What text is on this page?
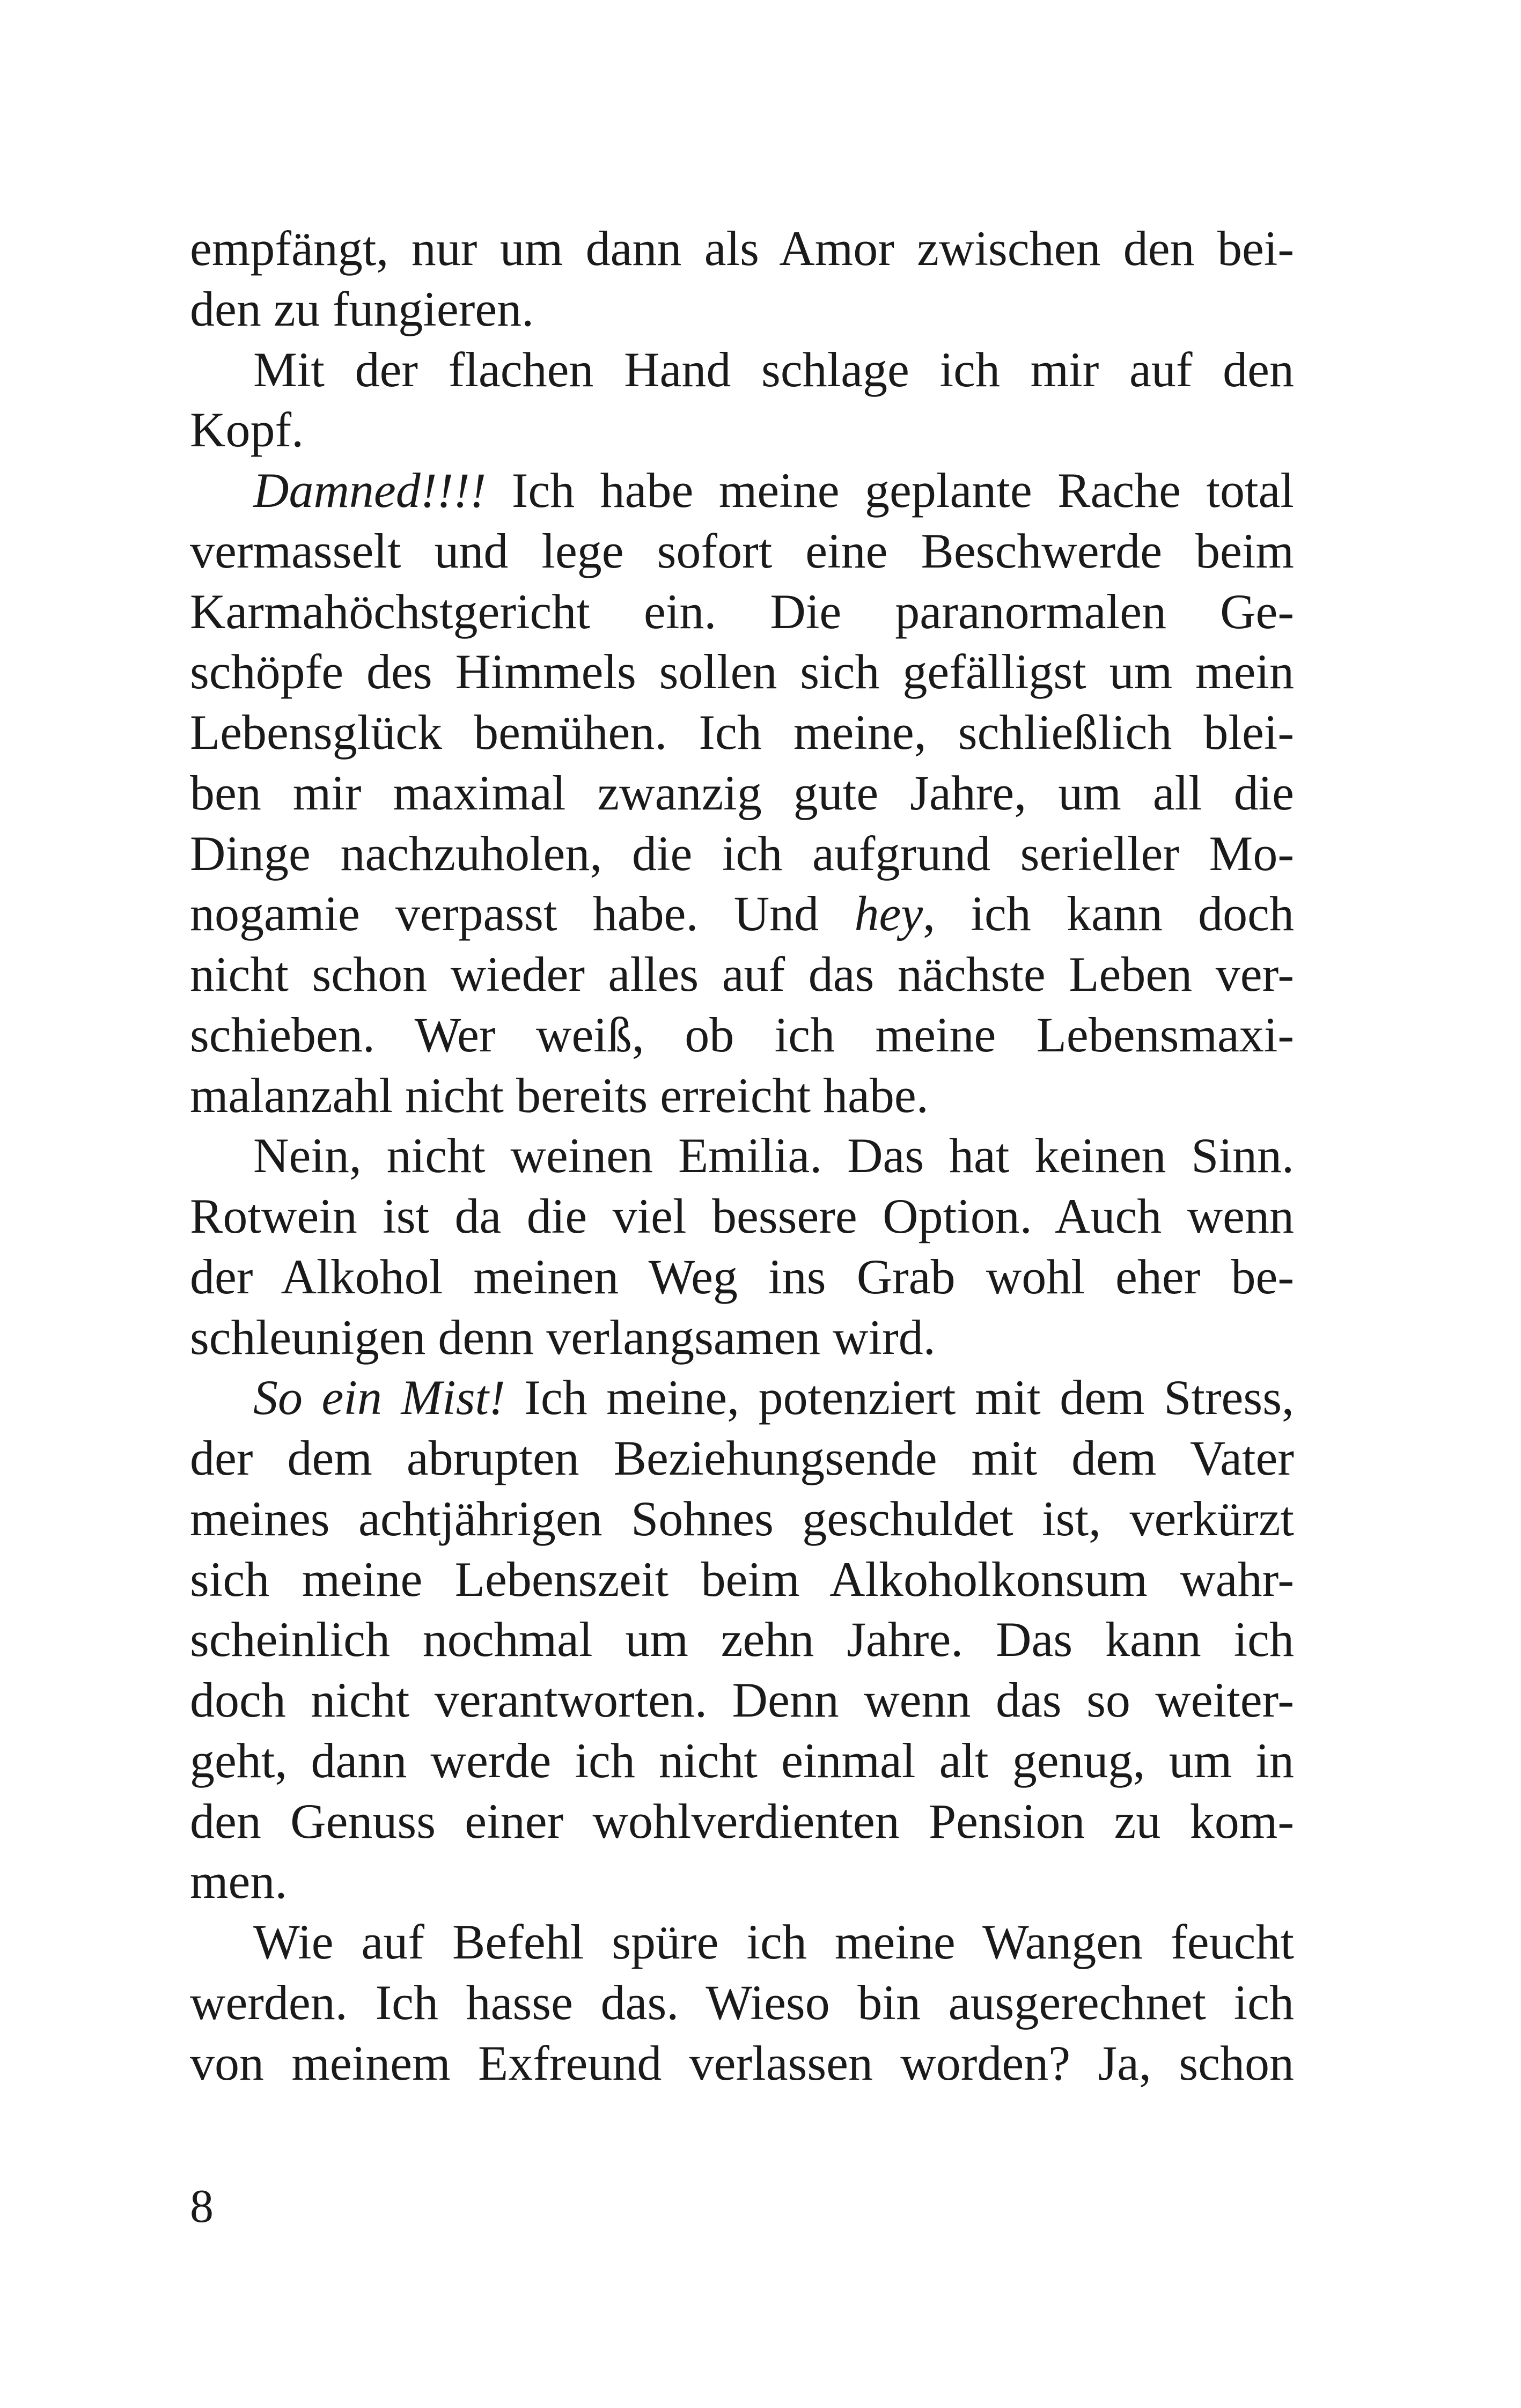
empfängt, nur um dann als Amor zwischen den bei-
den zu fungieren.
Mit der flachen Hand schlage ich mir auf den
Kopf.
Damned!!!! Ich habe meine geplante Rache total
vermasselt und lege sofort eine Beschwerde beim
Karmahöchstgericht ein. Die paranormalen Ge-
schöpfe des Himmels sollen sich gefälligst um mein
Lebensglück bemühen. Ich meine, schließlich blei-
ben mir maximal zwanzig gute Jahre, um all die
Dinge nachzuholen, die ich aufgrund serieller Mo-
nogamie verpasst habe. Und hey, ich kann doch
nicht schon wieder alles auf das nächste Leben ver-
schieben. Wer weiß, ob ich meine Lebensmaxi-
malanzahl nicht bereits erreicht habe.
Nein, nicht weinen Emilia. Das hat keinen Sinn.
Rotwein ist da die viel bessere Option. Auch wenn
der Alkohol meinen Weg ins Grab wohl eher be-
schleunigen denn verlangsamen wird.
So ein Mist! Ich meine, potenziert mit dem Stress,
der dem abrupten Beziehungsende mit dem Vater
meines achtjährigen Sohnes geschuldet ist, verkürzt
sich meine Lebenszeit beim Alkoholkonsum wahr-
scheinlich nochmal um zehn Jahre. Das kann ich
doch nicht verantworten. Denn wenn das so weiter-
geht, dann werde ich nicht einmal alt genug, um in
den Genuss einer wohlverdienten Pension zu kom-
men.
Wie auf Befehl spüre ich meine Wangen feucht
werden. Ich hasse das. Wieso bin ausgerechnet ich
von meinem Exfreund verlassen worden? Ja, schon
8
